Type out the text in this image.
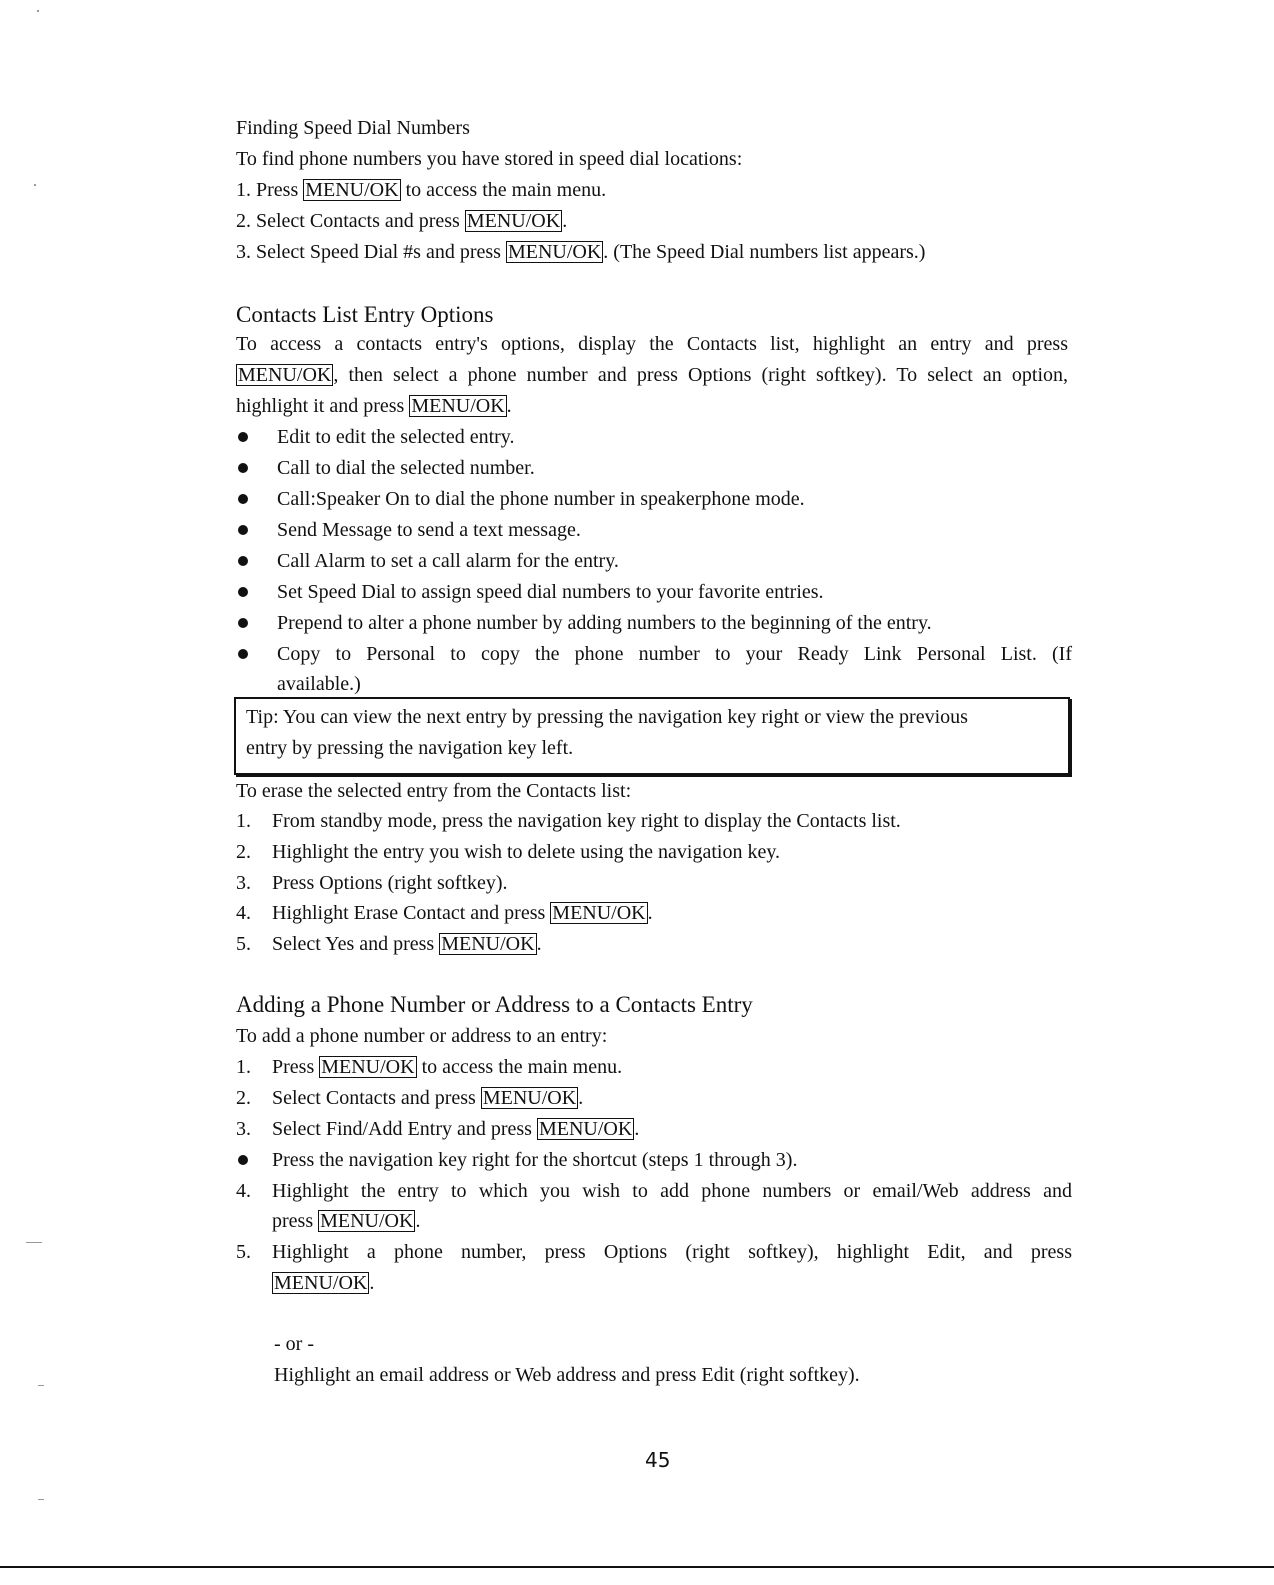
Finding Speed Dial Numbers
To find phone numbers you have stored in speed dial locations:
1. Press MENU/OK to access the main menu.
2. Select Contacts and press MENU/OK .
3. Select Speed Dial #s and press MENU/OK . (The Speed Dial numbers list appears.)
Contacts List Entry Options
To access a contacts entry's options, display the Contacts list, highlight an entry and press
MENU/OK , then select a phone number and press Options (right softkey). To select an option,
highlight it and press MENU/OK .
Edit to edit the selected entry.
Call to dial the selected number.
Call:Speaker On to dial the phone number in speakerphone mode.
Send Message to send a text message.
Call Alarm to set a call alarm for the entry.
Set Speed Dial to assign speed dial numbers to your favorite entries.
Prepend to alter a phone number by adding numbers to the beginning of the entry.
Copy to Personal to copy the phone number to your Ready Link Personal List. (If
available.)
Tip: You can view the next entry by pressing the navigation key right or view the previous
entry by pressing the navigation key left.
To erase the selected entry from the Contacts list:
1. From standby mode, press the navigation key right to display the Contacts list.
2. Highlight the entry you wish to delete using the navigation key.
3. Press Options (right softkey).
4. Highlight Erase Contact and press MENU/OK .
5. Select Yes and press MENU/OK .
Adding a Phone Number or Address to a Contacts Entry
To add a phone number or address to an entry:
1. Press MENU/OK to access the main menu.
2. Select Contacts and press MENU/OK .
3. Select Find/Add Entry and press MENU/OK .
Press the navigation key right for the shortcut (steps 1 through 3).
4. Highlight the entry to which you wish to add phone numbers or email/Web address and
press MENU/OK .
5. Highlight a phone number, press Options (right softkey), highlight Edit, and press
MENU/OK .
- or -
Highlight an email address or Web address and press Edit (right softkey).
45
